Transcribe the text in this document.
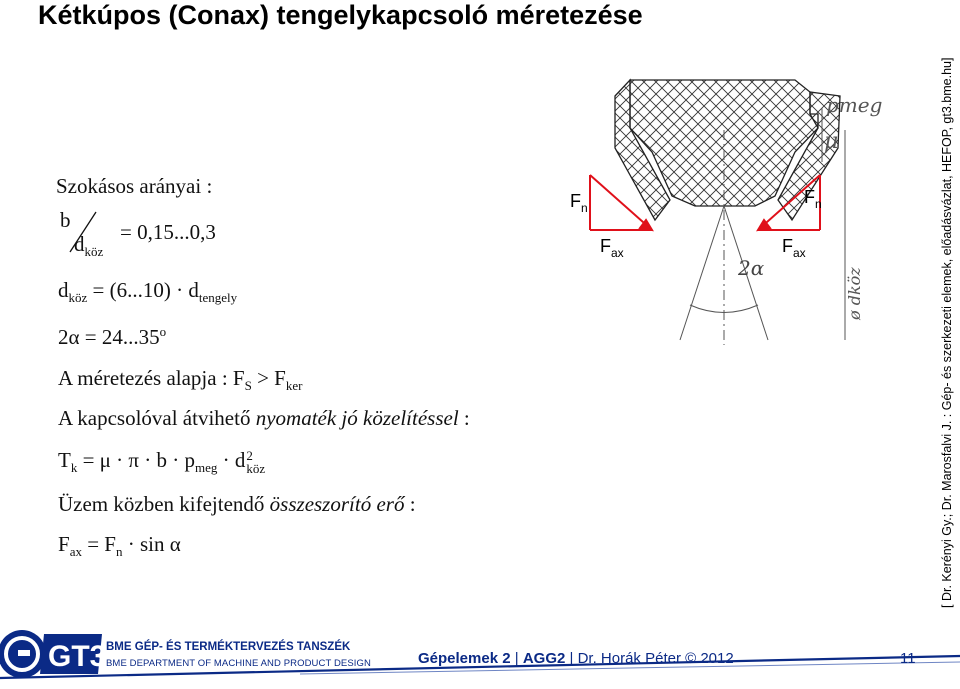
Kétkúpos (Conax) tengelykapcsoló méretezése
Szokásos arányai :
b
$d_{köz}$
= 0,15...0,3
$d_{köz} = (6...10) \cdot d_{tengely}$
$2\alpha = 24...35^o$
A méretezés alapja : $F_S > F_{ker}$
A kapcsolóval átvihető nyomaték jó közelítéssel :
$T_k = \mu \cdot \pi \cdot b \cdot p_{meg} \cdot d$ 2
köz
Üzem közben kifejtendő összeszorító erő :
$F_{ax} = F_n \cdot \sin \alpha$
2α
pmeg
μ
ø dköz
$F_n$
$F_{ax}$
$F_n$
$F_{ax}$	[ Dr. Kerényi Gy.; Dr. Marosfalvi J. : Gép- és szerkezeti elemek, előadásvázlat, HEFOP, gt3.bme.hu]
GT3 BME GÉP- ÉS TERMÉKTERVEZÉS TANSZÉK
BME DEPARTMENT OF MACHINE AND PRODUCT DESIGN	Gépelemek 2 | AGG2 | Dr. Horák Péter © 2012	11
